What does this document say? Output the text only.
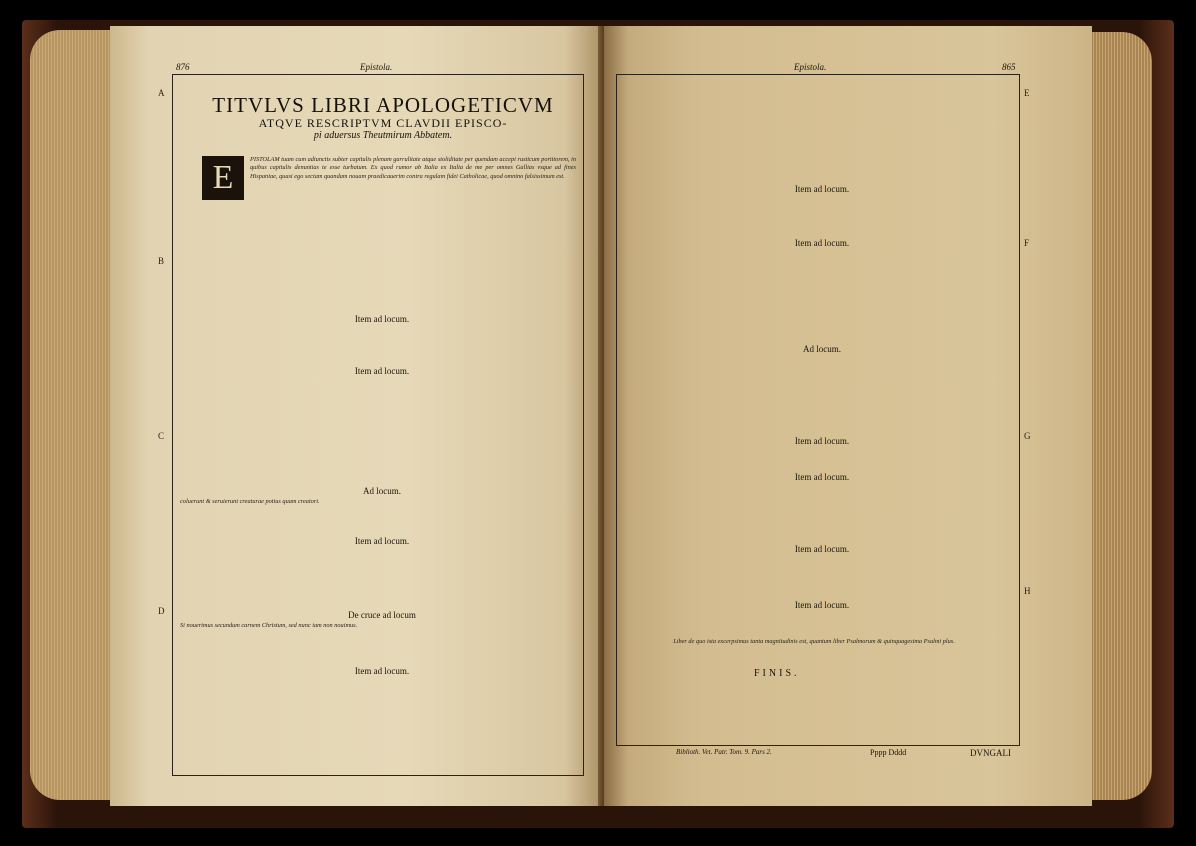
876	Epistola.
A
B
C
D
TITVLVS LIBRI APOLOGETICVM
ATQVE RESCRIPTVM CLAVDII EPISCO-
pi aduersus Theutmirum Abbatem.
E	PISTOLAM tuam cum adiunctis subter capitulis plenam garrulitate atque stoliditate per quendam accepi rusticum portitorem, in quibus capitulis denuntias te esse turbatum. Ex quod rumor ab Italia ex Italia de me per omnes Gallias vsque ad fines Hispaniae, quasi ego sectam quandam nouam praedicauerim contra regulam fidei Catholicae, quod omnino falsissimum est.
Item ad locum.
Item ad locum.
Ad locum.
coluerunt & seruierunt creaturae potius quam creatori.
Item ad locum.
De cruce ad locum
Si nouerimus secundum carnem Christum, sed nunc iam non nouimus.
Item ad locum.
Epistola.	865
E
F
G
H
Item ad locum.
Item ad locum.
Ad locum.
Item ad locum.
Item ad locum.
Item ad locum.
Item ad locum.
Liber de quo ista excerpsimus tanta magnitudinis est, quantum liber Psalmorum & quinquagesima Psalmi plus.
FINIS.
Biblioth. Vet. Patr. Tom. 9. Pars 2.	Pppp Dddd	DVNGALI
